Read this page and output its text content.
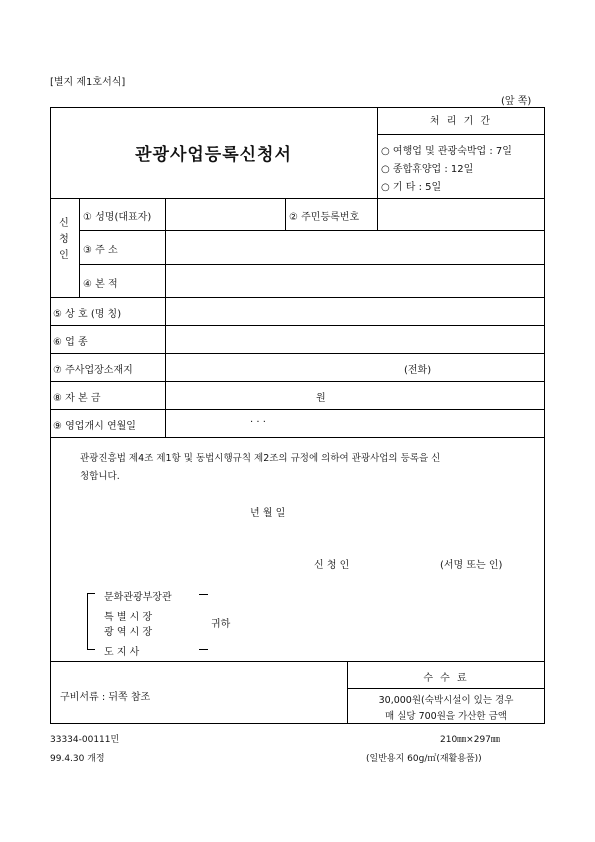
[별지 제1호서식]
(앞 쪽)
관광사업등록신청서
처 리 기 간
○ 여행업 및 관광숙박업 : 7일
○ 종합휴양업 : 12일
○ 기 타 : 5일
신
청
인
① 성명(대표자)	② 주민등록번호
③ 주 소
④ 본 적
⑤ 상 호 (명 칭)
⑥ 업 종
⑦ 주사업장소재지	(전화)
⑧ 자 본 금	원
⑨ 영업개시 연월일
. . .
관광진흥법 제4조 제1항 및 동법시행규칙 제2조의 규정에 의하여 관광사업의 등록을 신
청합니다.
년 월 일
신 청 인	(서명 또는 인)
문화관광부장관
특 별 시 장
광 역 시 장
귀하
도 지 사
구비서류 : 뒤쪽 참조
수 수 료
30,000원(숙박시설이 있는 경우
매 실당 700원을 가산한 금액
33334-00111민	210㎜×297㎜
99.4.30 개정	(일반용지 60g/㎡(재활용품))
